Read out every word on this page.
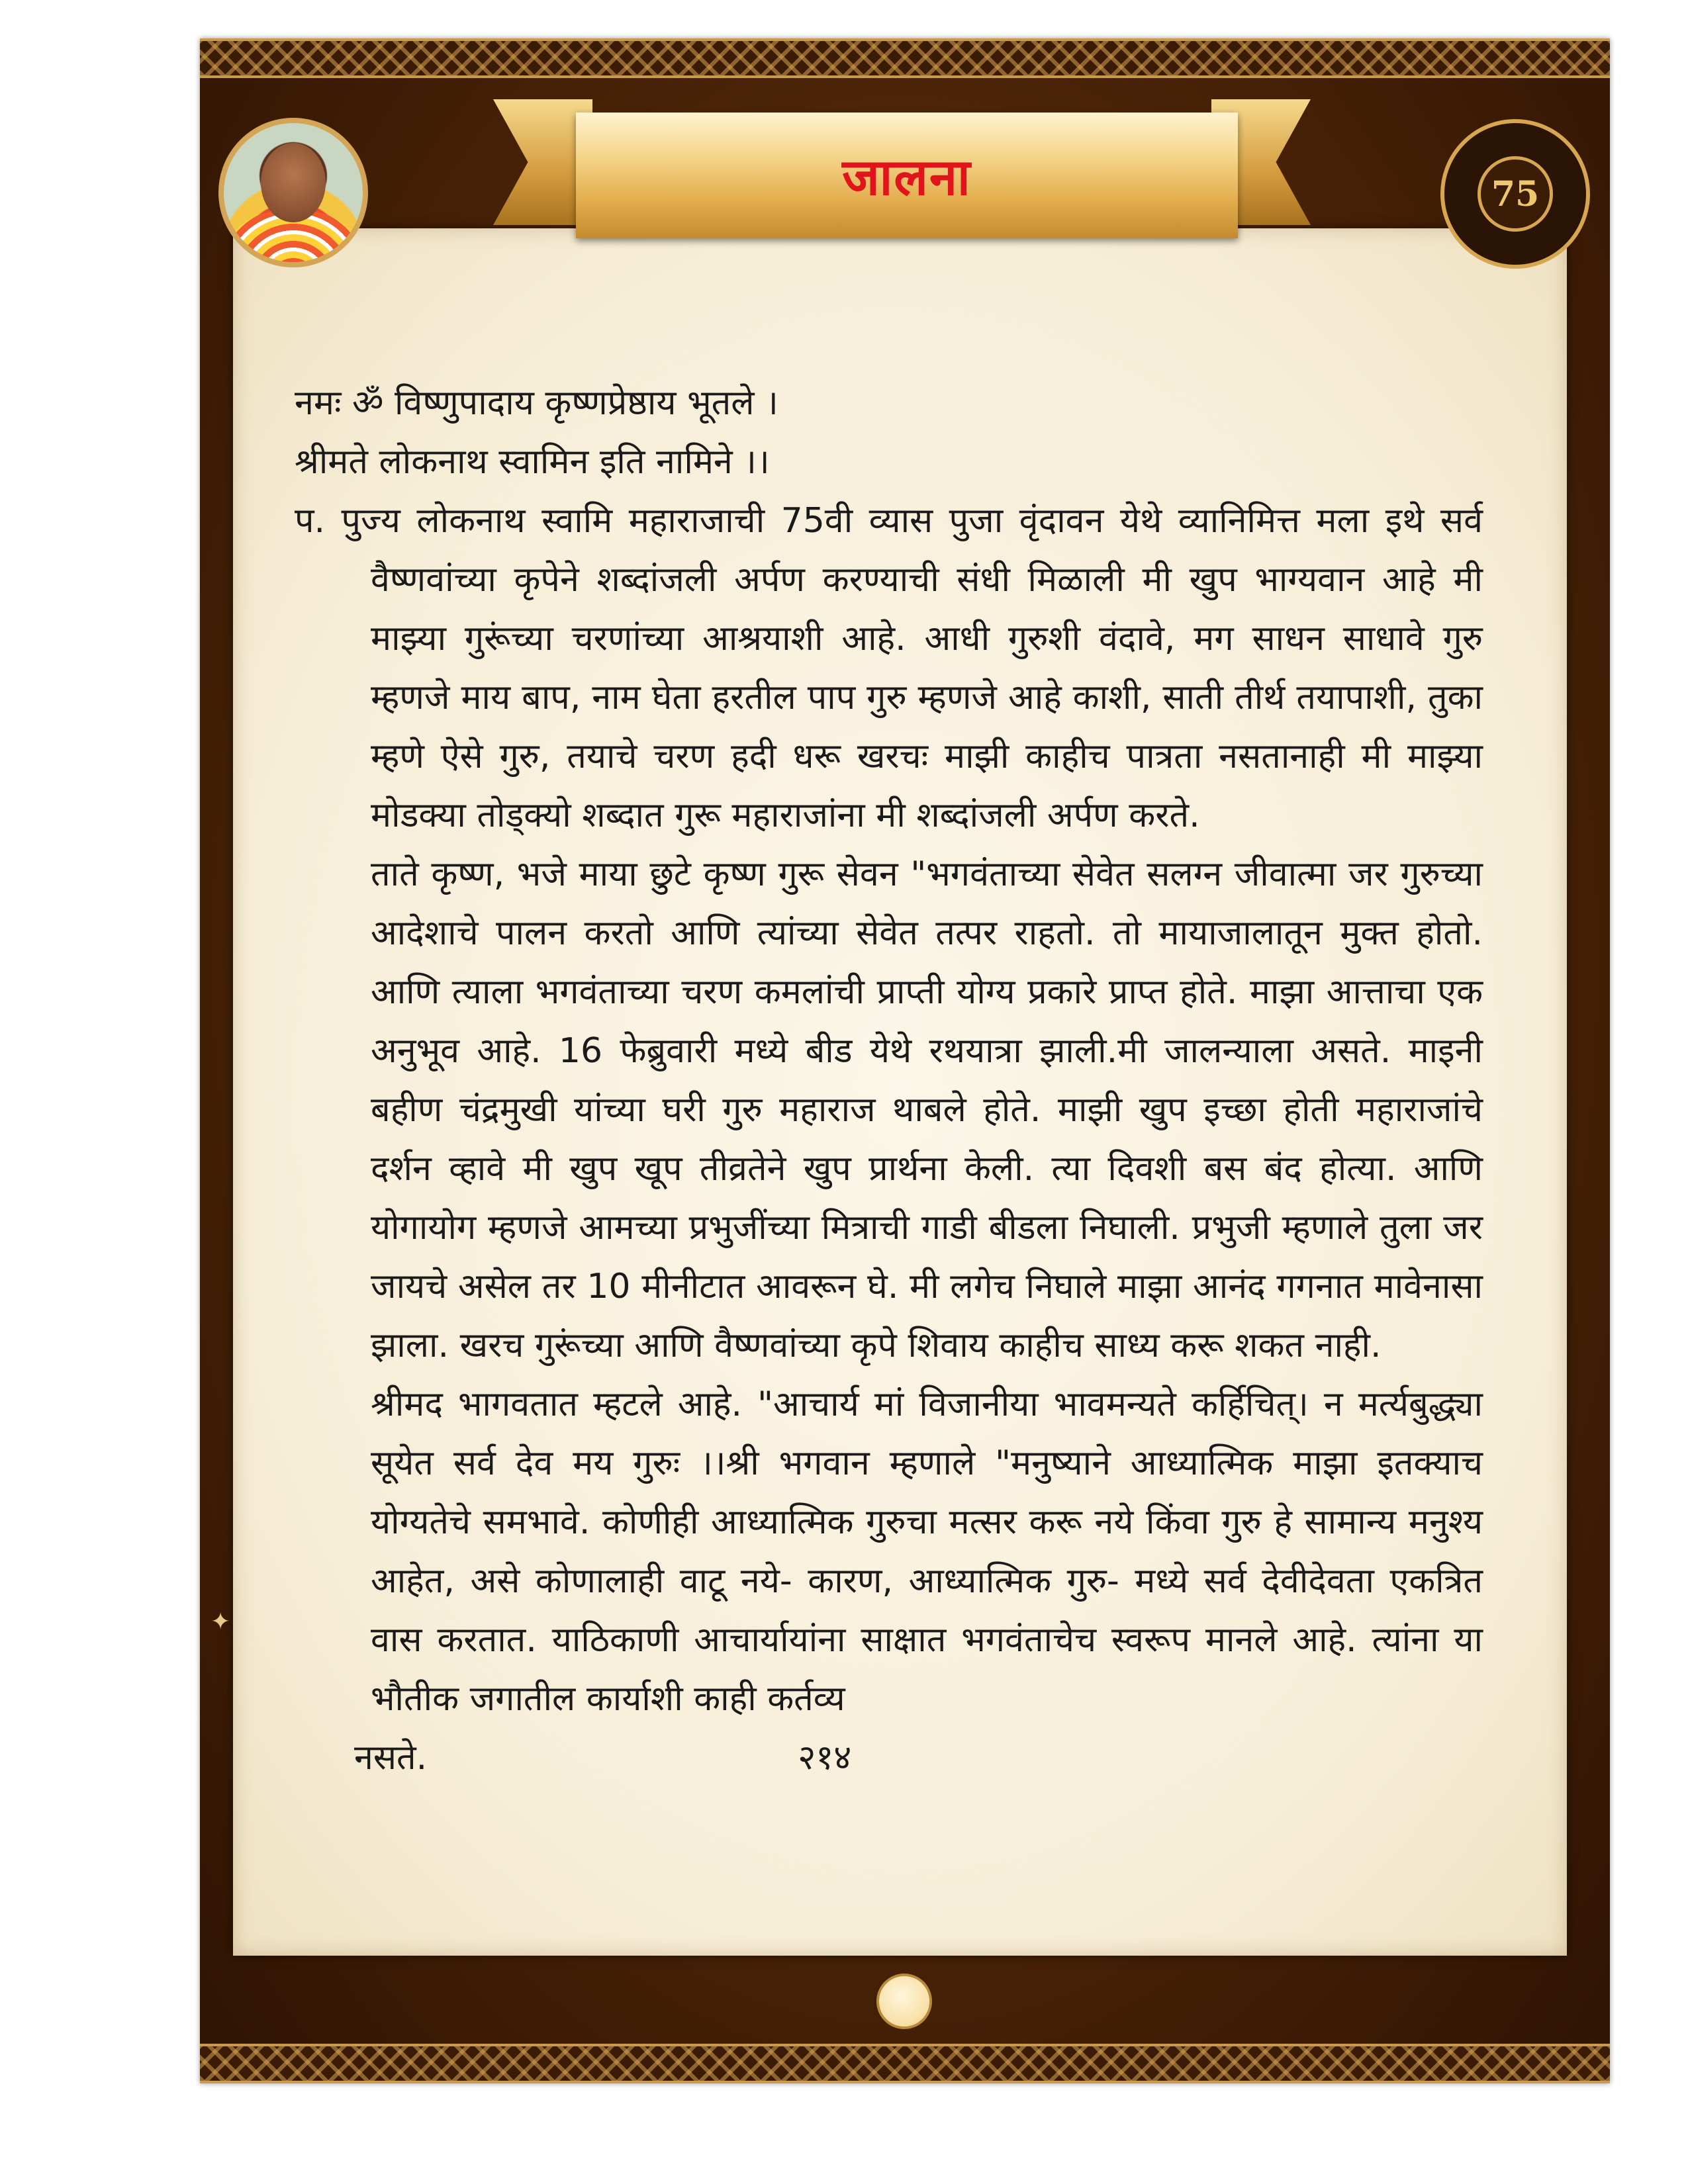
जालना	75

नमः ॐ विष्णुपादाय कृष्णप्रेष्ठाय भूतले ।

श्रीमते लोकनाथ स्वामिन इति नामिने ।।

प. पुज्य लोकनाथ स्वामि महाराजाची 75वी व्यास पुजा वृंदावन येथे व्यानिमित्त मला इथे सर्व वैष्णवांच्या कृपेने शब्दांजली अर्पण करण्याची संधी मिळाली मी खुप भाग्यवान आहे मी माझ्या गुरूंच्या चरणांच्या आश्रयाशी आहे. आधी गुरुशी वंदावे, मग साधन साधावे गुरु म्हणजे माय बाप, नाम घेता हरतील पाप गुरु म्हणजे आहे काशी, साती तीर्थ तयापाशी, तुका म्हणे ऐसे गुरु, तयाचे चरण हदी धरू खरचः माझी काहीच पात्रता नसतानाही मी माझ्या मोडक्या तोड्क्यो शब्दात गुरू महाराजांना मी शब्दांजली अर्पण करते.

ताते कृष्ण, भजे माया छुटे कृष्ण गुरू सेवन "भगवंताच्या सेवेत सलग्न जीवात्मा जर गुरुच्या आदेशाचे पालन करतो आणि त्यांच्या सेवेत तत्पर राहतो. तो मायाजालातून मुक्त होतो. आणि त्याला भगवंताच्या चरण कमलांची प्राप्ती योग्य प्रकारे प्राप्त होते. माझा आत्ताचा एक अनुभूव आहे. 16 फेब्रुवारी मध्ये बीड येथे रथयात्रा झाली.मी जालन्याला असते. माइनी बहीण चंद्रमुखी यांच्या घरी गुरु महाराज थाबले होते. माझी खुप इच्छा होती महाराजांचे दर्शन व्हावे मी खुप खूप तीव्रतेने खुप प्रार्थना केली. त्या दिवशी बस बंद होत्या. आणि योगायोग म्हणजे आमच्या प्रभुजींच्या मित्राची गाडी बीडला निघाली. प्रभुजी म्हणाले तुला जर जायचे असेल तर 10 मीनीटात आवरून घे. मी लगेच निघाले माझा आनंद गगनात मावेनासा झाला. खरच गुरूंच्या आणि वैष्णवांच्या कृपे शिवाय काहीच साध्य करू शकत नाही.

श्रीमद भागवतात म्हटले आहे. "आचार्य मां विजानीया भावमन्यते कर्हिचित्। न मर्त्यबुद्ध्या सूयेत सर्व देव मय गुरुः ।।श्री भगवान म्हणाले "मनुष्याने आध्यात्मिक माझा इतक्याच योग्यतेचे समभावे. कोणीही आध्यात्मिक गुरुचा मत्सर करू नये किंवा गुरु हे सामान्य मनुश्य आहेत, असे कोणालाही वाटू नये- कारण, आध्यात्मिक गुरु- मध्ये सर्व देवीदेवता एकत्रित वास करतात. याठिकाणी आचार्यायांना साक्षात भगवंताचेच स्वरूप मानले आहे. त्यांना या भौतीक जगातील कार्याशी काही कर्तव्य

नसते.	२१४
✦
